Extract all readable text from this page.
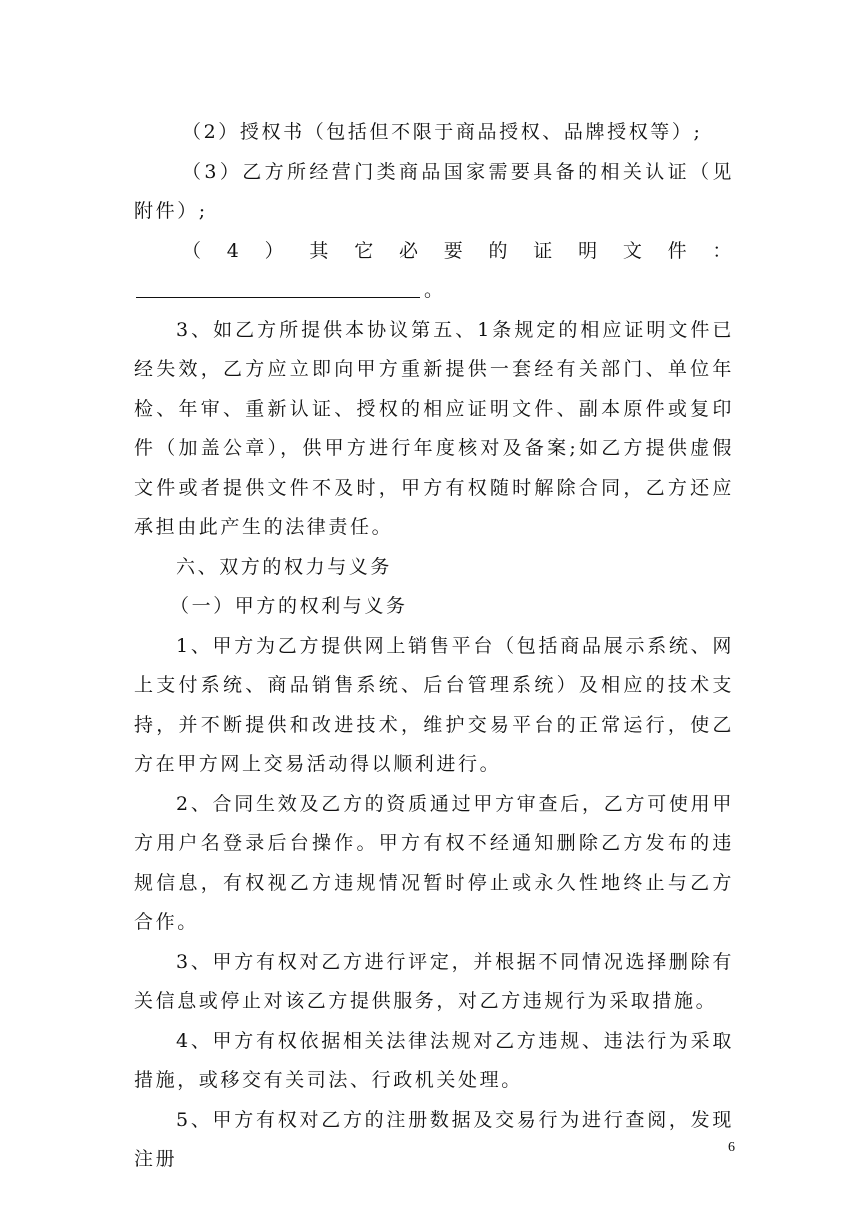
（2）授权书（包括但不限于商品授权、品牌授权等）;

（3）乙方所经营门类商品国家需要具备的相关认证（见附件）;

（4）其它必要的证明文件：。

3、如乙方所提供本协议第五、1条规定的相应证明文件已经失效，乙方应立即向甲方重新提供一套经有关部门、单位年检、年审、重新认证、授权的相应证明文件、副本原件或复印件（加盖公章），供甲方进行年度核对及备案;如乙方提供虚假文件或者提供文件不及时，甲方有权随时解除合同，乙方还应承担由此产生的法律责任。

六、双方的权力与义务

（一）甲方的权利与义务

1、甲方为乙方提供网上销售平台（包括商品展示系统、网上支付系统、商品销售系统、后台管理系统）及相应的技术支持，并不断提供和改进技术，维护交易平台的正常运行，使乙方在甲方网上交易活动得以顺利进行。

2、合同生效及乙方的资质通过甲方审查后，乙方可使用甲方用户名登录后台操作。甲方有权不经通知删除乙方发布的违规信息，有权视乙方违规情况暂时停止或永久性地终止与乙方合作。

3、甲方有权对乙方进行评定，并根据不同情况选择删除有关信息或停止对该乙方提供服务，对乙方违规行为采取措施。

4、甲方有权依据相关法律法规对乙方违规、违法行为采取措施，或移交有关司法、行政机关处理。

5、甲方有权对乙方的注册数据及交易行为进行查阅，发现注册

6
